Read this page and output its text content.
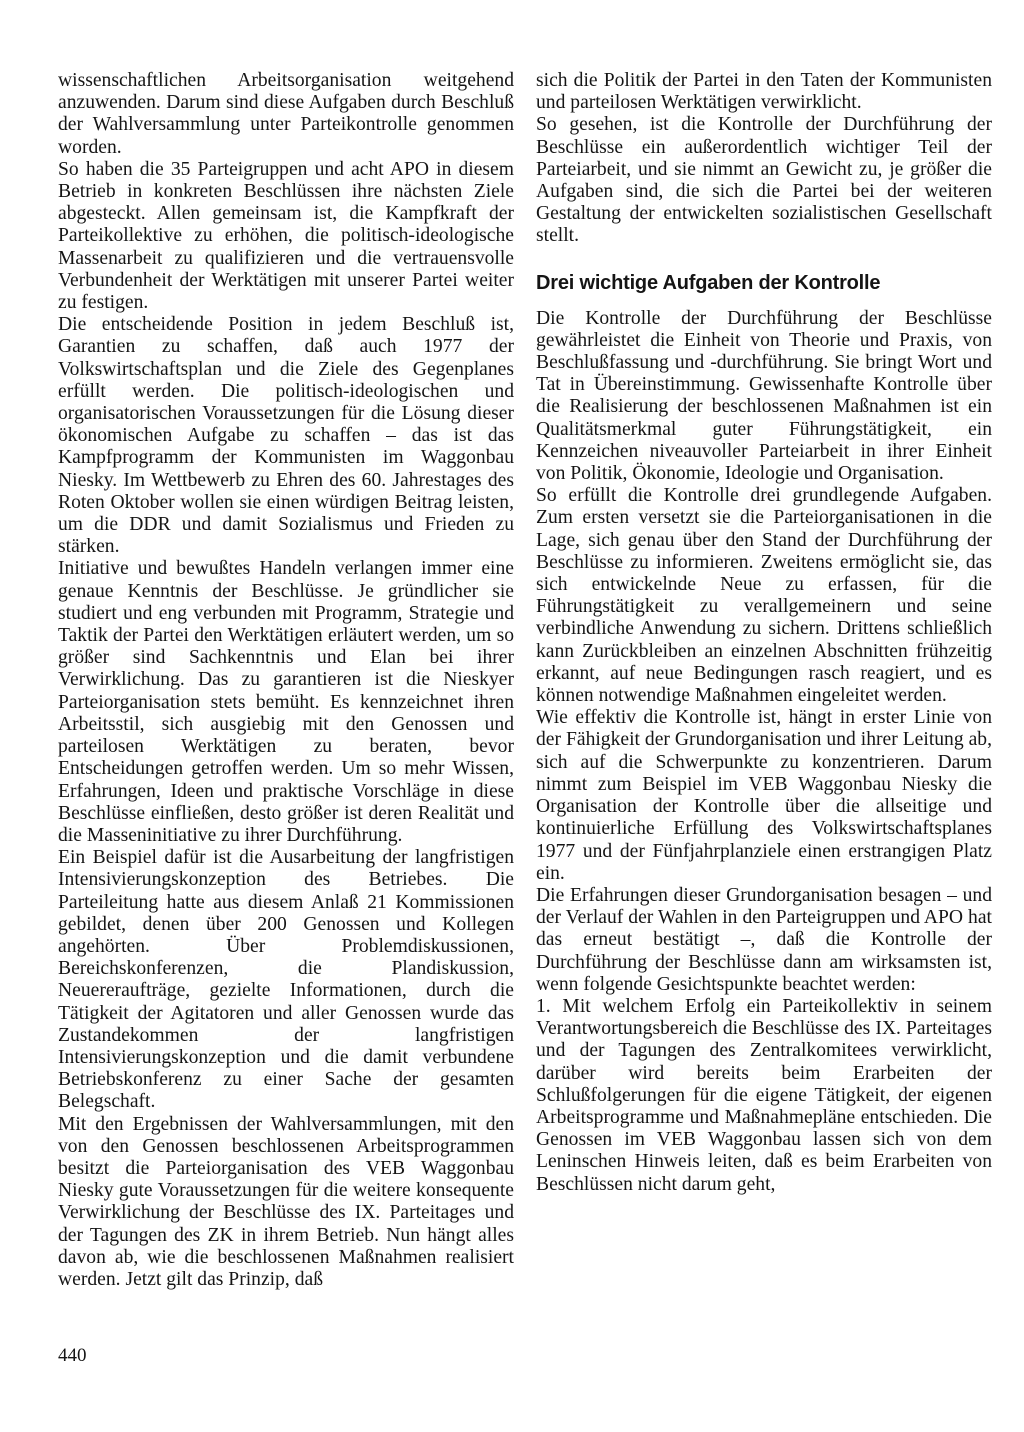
wissenschaftlichen Arbeitsorganisation weitgehend anzuwenden. Darum sind diese Aufgaben durch Beschluß der Wahlversammlung unter Parteikontrolle genommen worden.

So haben die 35 Parteigruppen und acht APO in diesem Betrieb in konkreten Beschlüssen ihre nächsten Ziele abgesteckt. Allen gemeinsam ist, die Kampfkraft der Parteikollektive zu erhöhen, die politisch-ideologische Massenarbeit zu qualifizieren und die vertrauensvolle Verbundenheit der Werktätigen mit unserer Partei weiter zu festigen.

Die entscheidende Position in jedem Beschluß ist, Garantien zu schaffen, daß auch 1977 der Volkswirtschaftsplan und die Ziele des Gegenplanes erfüllt werden. Die politisch-ideologischen und organisatorischen Voraussetzungen für die Lösung dieser ökonomischen Aufgabe zu schaffen – das ist das Kampfprogramm der Kommunisten im Waggonbau Niesky. Im Wettbewerb zu Ehren des 60. Jahrestages des Roten Oktober wollen sie einen würdigen Beitrag leisten, um die DDR und damit Sozialismus und Frieden zu stärken.

Initiative und bewußtes Handeln verlangen immer eine genaue Kenntnis der Beschlüsse. Je gründlicher sie studiert und eng verbunden mit Programm, Strategie und Taktik der Partei den Werktätigen erläutert werden, um so größer sind Sachkenntnis und Elan bei ihrer Verwirklichung. Das zu garantieren ist die Nieskyer Parteiorganisation stets bemüht. Es kennzeichnet ihren Arbeitsstil, sich ausgiebig mit den Genossen und parteilosen Werktätigen zu beraten, bevor Entscheidungen getroffen werden. Um so mehr Wissen, Erfahrungen, Ideen und praktische Vorschläge in diese Beschlüsse einfließen, desto größer ist deren Realität und die Masseninitiative zu ihrer Durchführung.

Ein Beispiel dafür ist die Ausarbeitung der langfristigen Intensivierungskonzeption des Betriebes. Die Parteileitung hatte aus diesem Anlaß 21 Kommissionen gebildet, denen über 200 Genossen und Kollegen angehörten. Über Problemdiskussionen, Bereichskonferenzen, die Plandiskussion, Neuereraufträge, gezielte Informationen, durch die Tätigkeit der Agitatoren und aller Genossen wurde das Zustandekommen der langfristigen Intensivierungskonzeption und die damit verbundene Betriebskonferenz zu einer Sache der gesamten Belegschaft.

Mit den Ergebnissen der Wahlversammlungen, mit den von den Genossen beschlossenen Arbeitsprogrammen besitzt die Parteiorganisation des VEB Waggonbau Niesky gute Voraussetzungen für die weitere konsequente Verwirklichung der Beschlüsse des IX. Parteitages und der Tagungen des ZK in ihrem Betrieb. Nun hängt alles davon ab, wie die beschlossenen Maßnahmen realisiert werden. Jetzt gilt das Prinzip, daß

sich die Politik der Partei in den Taten der Kommunisten und parteilosen Werktätigen verwirklicht.

So gesehen, ist die Kontrolle der Durchführung der Beschlüsse ein außerordentlich wichtiger Teil der Parteiarbeit, und sie nimmt an Gewicht zu, je größer die Aufgaben sind, die sich die Partei bei der weiteren Gestaltung der entwickelten sozialistischen Gesellschaft stellt.

Drei wichtige Aufgaben der Kontrolle

Die Kontrolle der Durchführung der Beschlüsse gewährleistet die Einheit von Theorie und Praxis, von Beschlußfassung und -durchführung. Sie bringt Wort und Tat in Übereinstimmung. Gewissenhafte Kontrolle über die Realisierung der beschlossenen Maßnahmen ist ein Qualitätsmerkmal guter Führungstätigkeit, ein Kennzeichen niveauvoller Parteiarbeit in ihrer Einheit von Politik, Ökonomie, Ideologie und Organisation.

So erfüllt die Kontrolle drei grundlegende Aufgaben. Zum ersten versetzt sie die Parteiorganisationen in die Lage, sich genau über den Stand der Durchführung der Beschlüsse zu informieren. Zweitens ermöglicht sie, das sich entwickelnde Neue zu erfassen, für die Führungstätigkeit zu verallgemeinern und seine verbindliche Anwendung zu sichern. Drittens schließlich kann Zurückbleiben an einzelnen Abschnitten frühzeitig erkannt, auf neue Bedingungen rasch reagiert, und es können notwendige Maßnahmen eingeleitet werden.

Wie effektiv die Kontrolle ist, hängt in erster Linie von der Fähigkeit der Grundorganisation und ihrer Leitung ab, sich auf die Schwerpunkte zu konzentrieren. Darum nimmt zum Beispiel im VEB Waggonbau Niesky die Organisation der Kontrolle über die allseitige und kontinuierliche Erfüllung des Volkswirtschaftsplanes 1977 und der Fünfjahrplanziele einen erstrangigen Platz ein.

Die Erfahrungen dieser Grundorganisation besagen – und der Verlauf der Wahlen in den Parteigruppen und APO hat das erneut bestätigt –, daß die Kontrolle der Durchführung der Beschlüsse dann am wirksamsten ist, wenn folgende Gesichtspunkte beachtet werden:

1. Mit welchem Erfolg ein Parteikollektiv in seinem Verantwortungsbereich die Beschlüsse des IX. Parteitages und der Tagungen des Zentralkomitees verwirklicht, darüber wird bereits beim Erarbeiten der Schlußfolgerungen für die eigene Tätigkeit, der eigenen Arbeitsprogramme und Maßnahmepläne entschieden. Die Genossen im VEB Waggonbau lassen sich von dem Leninschen Hinweis leiten, daß es beim Erarbeiten von Beschlüssen nicht darum geht,

440
